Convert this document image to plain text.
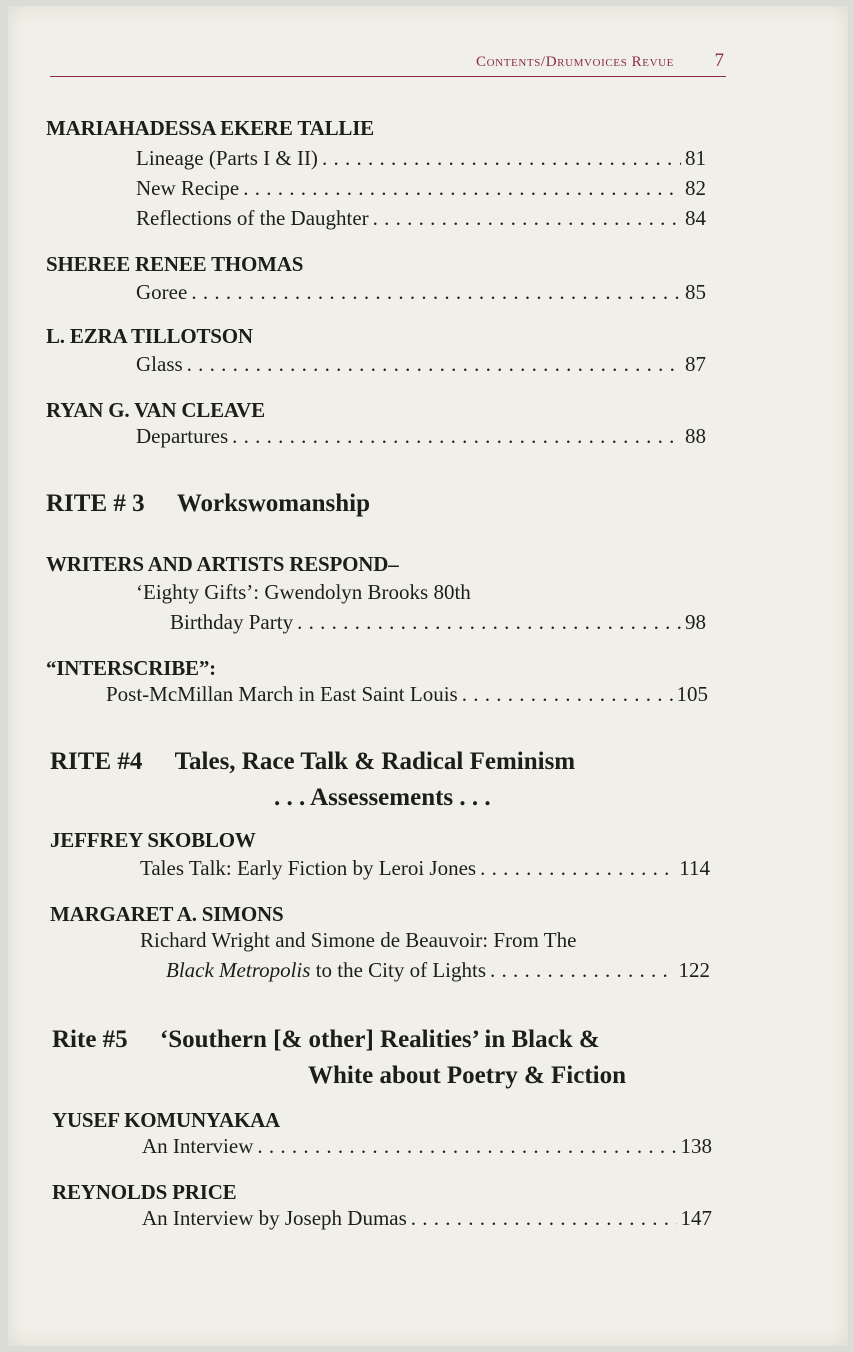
Contents/Drumvoices Revue 7
MARIAHADESSA EKERE TALLIE
Lineage (Parts I & II) . . .	81
New Recipe . . .	82
Reflections of the Daughter . . .	84
SHEREE RENEE THOMAS
Goree . . .	85
L. EZRA TILLOTSON
Glass . . .	87
RYAN G. VAN CLEAVE
Departures . . .	88
RITE # 3 Workswomanship
WRITERS AND ARTISTS RESPOND–
‘Eighty Gifts’: Gwendolyn Brooks 80th
Birthday Party . . .	98
“INTERSCRIBE”:
Post-McMillan March in East Saint Louis . . .	105
RITE #4 Tales, Race Talk & Radical Feminism
. . . Assessements . . .
JEFFREY SKOBLOW
Tales Talk: Early Fiction by Leroi Jones . . .	114
MARGARET A. SIMONS
Richard Wright and Simone de Beauvoir: From The
Black Metropolis to the City of Lights . . .	122
Rite #5 ‘Southern [& other] Realities’ in Black &
White about Poetry & Fiction
YUSEF KOMUNYAKAA
An Interview . . .	138
REYNOLDS PRICE
An Interview by Joseph Dumas . . .	147
